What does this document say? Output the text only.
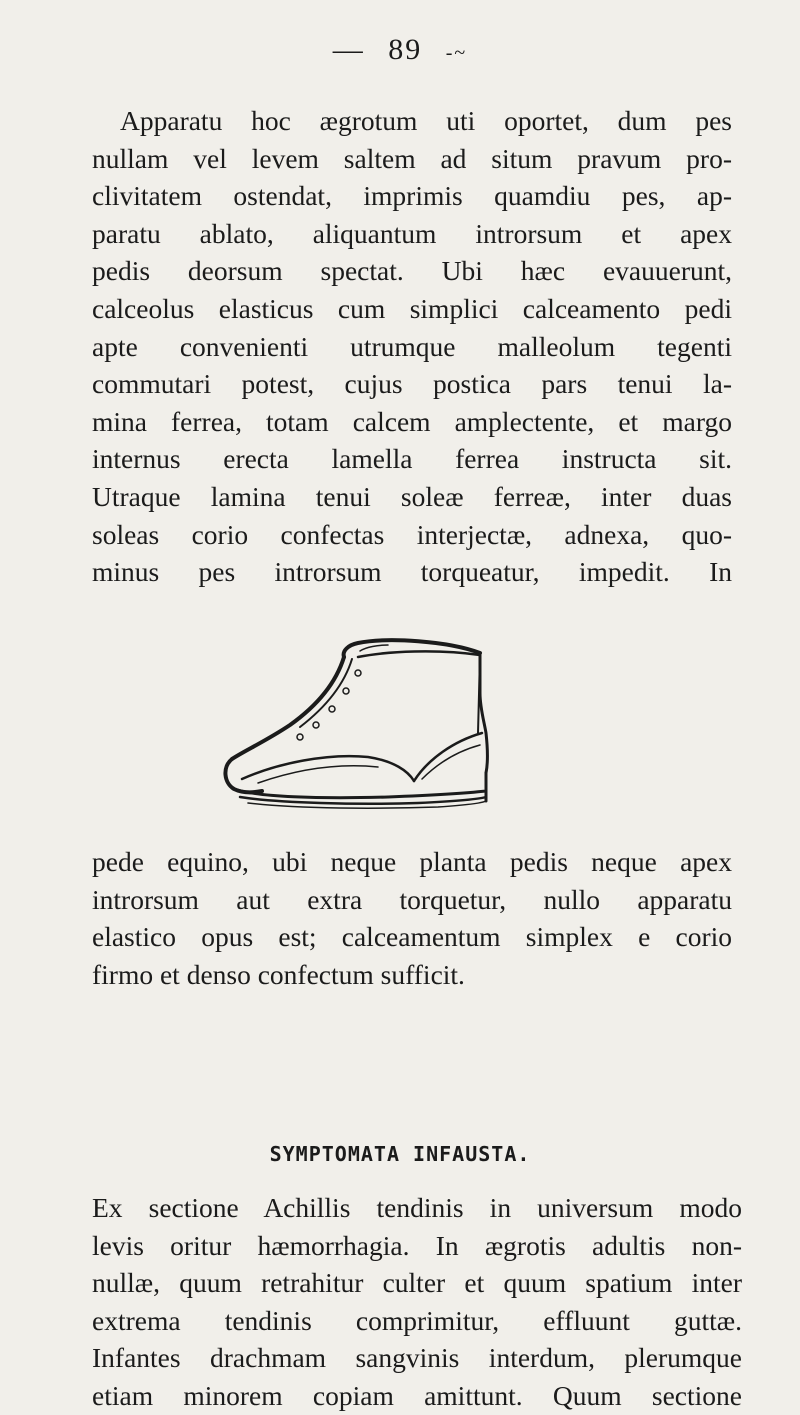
— 89 -~
Apparatu hoc ægrotum uti oportet, dum pes
nullam vel levem saltem ad situm pravum pro-
clivitatem ostendat, imprimis quamdiu pes, ap-
paratu ablato, aliquantum introrsum et apex
pedis deorsum spectat. Ubi hæc evauuerunt,
calceolus elasticus cum simplici calceamento pedi
apte convenienti utrumque malleolum tegenti
commutari potest, cujus postica pars tenui la-
mina ferrea, totam calcem amplectente, et margo
internus erecta lamella ferrea instructa sit.
Utraque lamina tenui soleæ ferreæ, inter duas
soleas corio confectas interjectæ, adnexa, quo-
minus pes introrsum torqueatur, impedit. In
pede equino, ubi neque planta pedis neque apex
introrsum aut extra torquetur, nullo apparatu
elastico opus est; calceamentum simplex e corio
firmo et denso confectum sufficit.
SYMPTOMATA INFAUSTA.
Ex sectione Achillis tendinis in universum modo
levis oritur hæmorrhagia. In ægrotis adultis non-
nullæ, quum retrahitur culter et quum spatium inter
extrema tendinis comprimitur, effluunt guttæ.
Infantes drachmam sangvinis interdum, plerumque
etiam minorem copiam amittunt. Quum sectione
